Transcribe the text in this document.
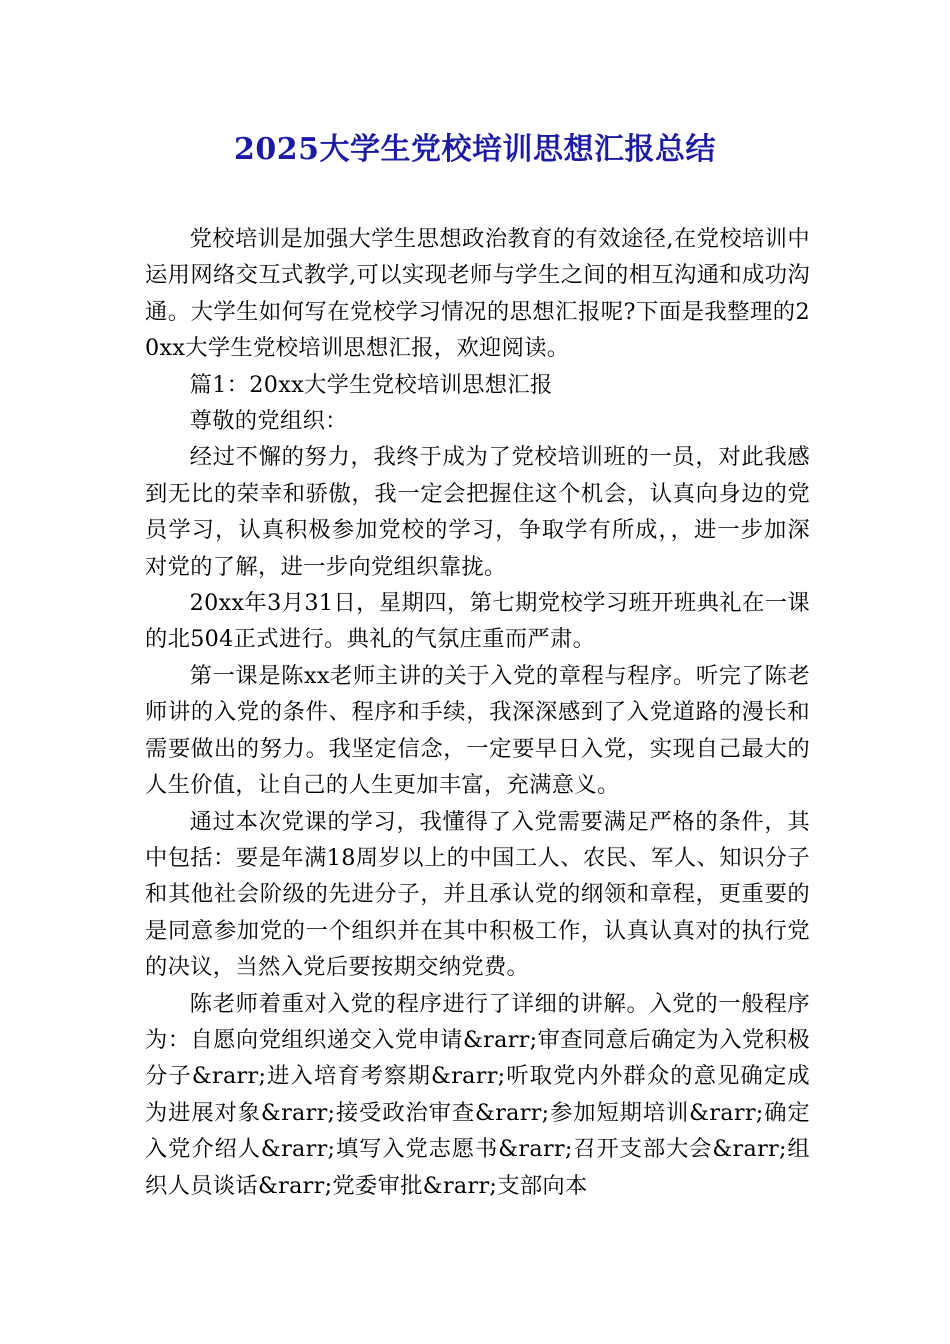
2025大学生党校培训思想汇报总结

党校培训是加强大学生思想政治教育的有效途径,在党校培训中运用网络交互式教学,可以实现老师与学生之间的相互沟通和成功沟通。大学生如何写在党校学习情况的思想汇报呢?下面是我整理的20xx大学生党校培训思想汇报，欢迎阅读。

篇1：20xx大学生党校培训思想汇报

尊敬的党组织：

经过不懈的努力，我终于成为了党校培训班的一员，对此我感到无比的荣幸和骄傲，我一定会把握住这个机会，认真向身边的党员学习，认真积极参加党校的学习，争取学有所成，，进一步加深对党的了解，进一步向党组织靠拢。

20xx年3月31日，星期四，第七期党校学习班开班典礼在一课的北504正式进行。典礼的气氛庄重而严肃。

第一课是陈xx老师主讲的关于入党的章程与程序。听完了陈老师讲的入党的条件、程序和手续，我深深感到了入党道路的漫长和需要做出的努力。我坚定信念，一定要早日入党，实现自己最大的人生价值，让自己的人生更加丰富，充满意义。

通过本次党课的学习，我懂得了入党需要满足严格的条件，其中包括：要是年满18周岁以上的中国工人、农民、军人、知识分子和其他社会阶级的先进分子，并且承认党的纲领和章程，更重要的是同意参加党的一个组织并在其中积极工作，认真认真对的执行党的决议，当然入党后要按期交纳党费。

陈老师着重对入党的程序进行了详细的讲解。入党的一般程序为：自愿向党组织递交入党申请&rarr;审查同意后确定为入党积极分子&rarr;进入培育考察期&rarr;听取党内外群众的意见确定成为进展对象&rarr;接受政治审查&rarr;参加短期培训&rarr;确定入党介绍人&rarr;填写入党志愿书&rarr;召开支部大会&rarr;组织人员谈话&rarr;党委审批&rarr;支部向本
